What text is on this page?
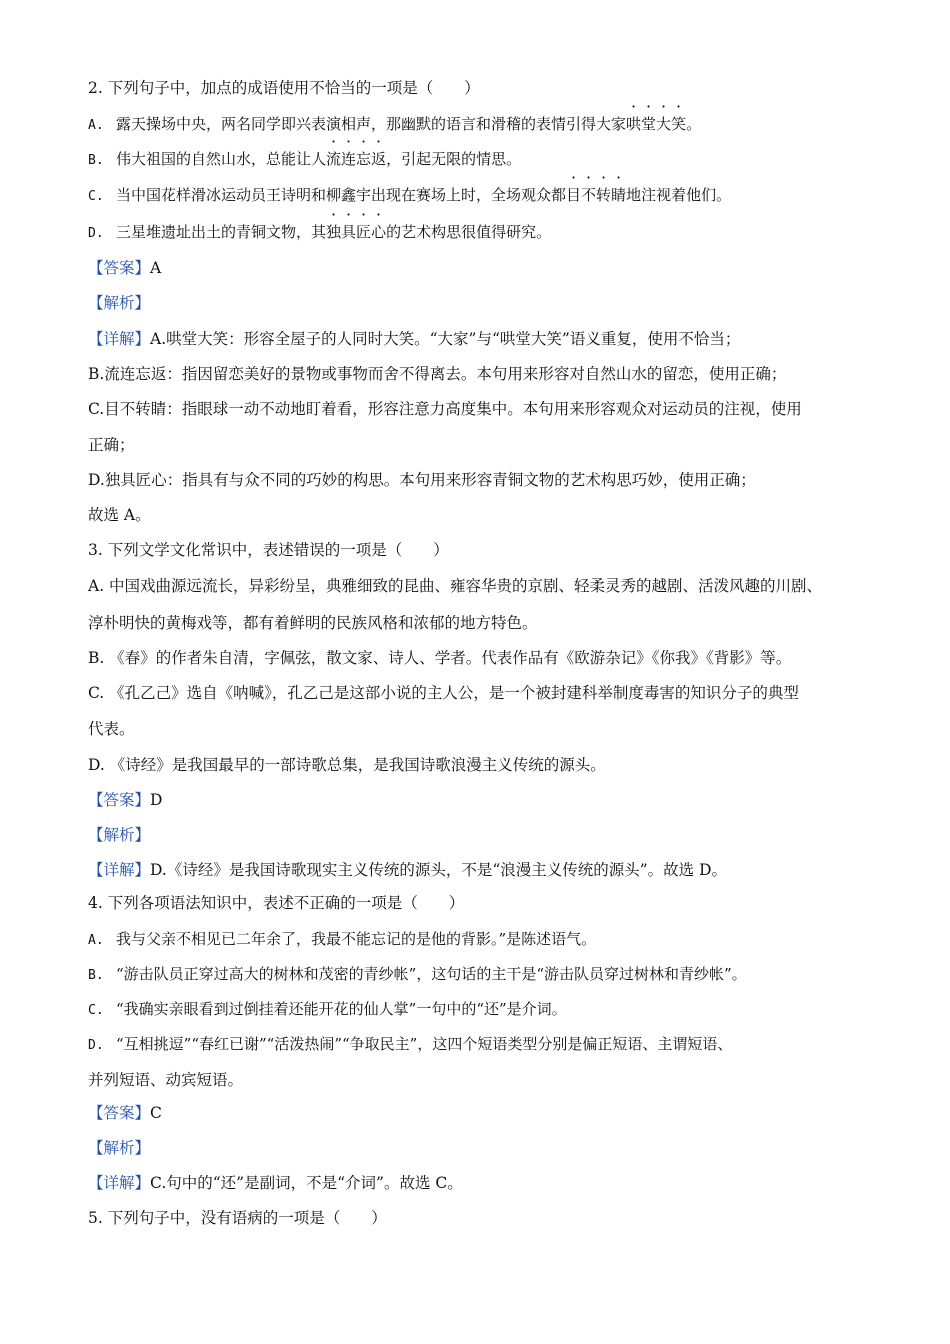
2. 下列句子中，加点的成语使用不恰当的一项是（　　）
A. 露天操场中央，两名同学即兴表演相声，那幽默的语言和滑稽的表情引得大家哄堂大笑。
B. 伟大祖国的自然山水，总能让人流连忘返，引起无限的情思。
C. 当中国花样滑冰运动员王诗明和柳鑫宇出现在赛场上时，全场观众都目不转睛地注视着他们。
D. 三星堆遗址出土的青铜文物，其独具匠心的艺术构思很值得研究。
【答案】A
【解析】
【详解】A.哄堂大笑：形容全屋子的人同时大笑。“大家”与“哄堂大笑”语义重复，使用不恰当；
B.流连忘返：指因留恋美好的景物或事物而舍不得离去。本句用来形容对自然山水的留恋，使用正确；
C.目不转睛：指眼球一动不动地盯着看，形容注意力高度集中。本句用来形容观众对运动员的注视，使用
正确；
D.独具匠心：指具有与众不同的巧妙的构思。本句用来形容青铜文物的艺术构思巧妙，使用正确；
故选 A。
3. 下列文学文化常识中，表述错误的一项是（　　）
A. 中国戏曲源远流长，异彩纷呈，典雅细致的昆曲、雍容华贵的京剧、轻柔灵秀的越剧、活泼风趣的川剧、
淳朴明快的黄梅戏等，都有着鲜明的民族风格和浓郁的地方特色。
B. 《春》的作者朱自清，字佩弦，散文家、诗人、学者。代表作品有《欧游杂记》《你我》《背影》等。
C. 《孔乙己》选自《呐喊》，孔乙己是这部小说的主人公，是一个被封建科举制度毒害的知识分子的典型
代表。
D. 《诗经》是我国最早的一部诗歌总集，是我国诗歌浪漫主义传统的源头。
【答案】D
【解析】
【详解】D.《诗经》是我国诗歌现实主义传统的源头，不是“浪漫主义传统的源头”。故选 D。
4. 下列各项语法知识中，表述不正确的一项是（　　）
A. 我与父亲不相见已二年余了，我最不能忘记的是他的背影。”是陈述语气。
B. “游击队员正穿过高大的树林和茂密的青纱帐”，这句话的主干是“游击队员穿过树林和青纱帐”。
C. “我确实亲眼看到过倒挂着还能开花的仙人掌”一句中的“还”是介词。
D. “互相挑逗”“春红已谢”“活泼热闹”“争取民主”，这四个短语类型分别是偏正短语、主谓短语、
并列短语、动宾短语。
【答案】C
【解析】
【详解】C.句中的“还”是副词，不是“介词”。故选 C。
5. 下列句子中，没有语病的一项是（　　）
